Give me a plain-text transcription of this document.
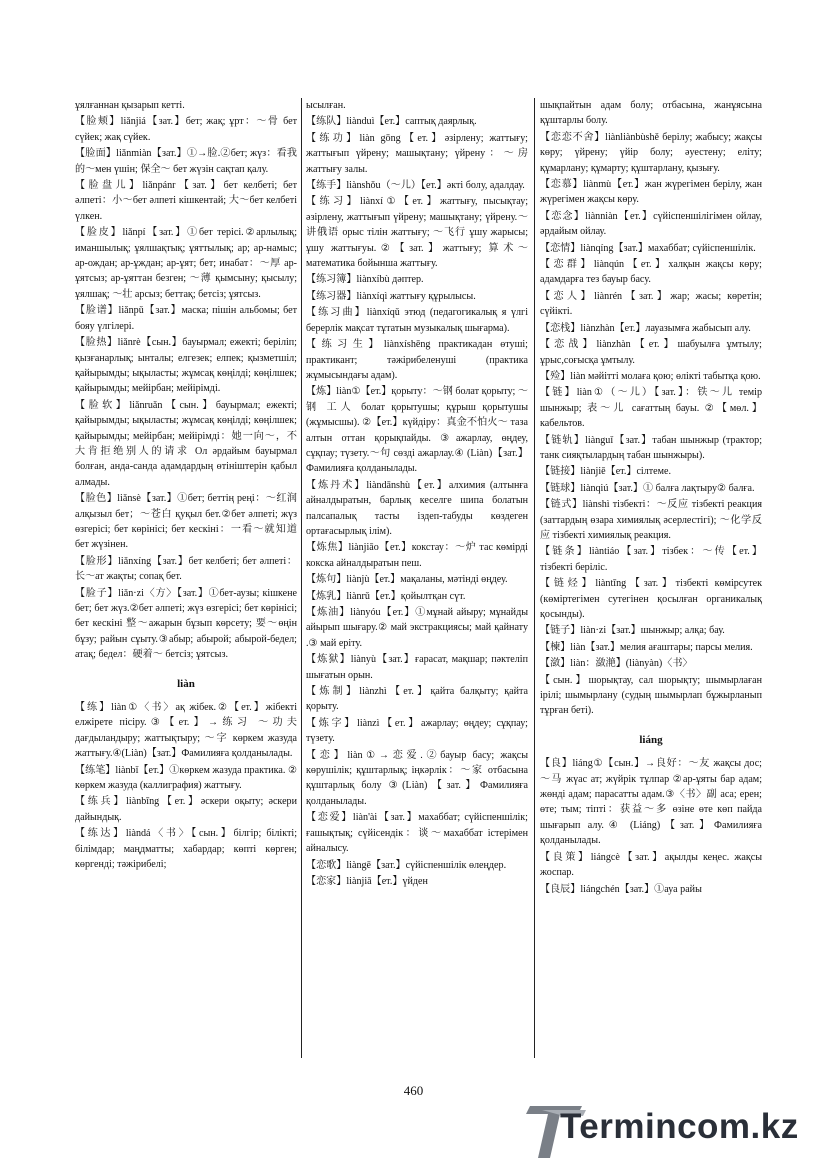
ұялғаннан қызарып кетті.
【脸颊】liǎnjiá【зат.】бет; жақ; ұрт：～骨 бет сүйек; жақ сүйек.
【脸面】liǎnmiàn【зат.】①→脸.②бет; жүз：看我的～мен үшін; 保全～ бет жүзін сақтап қалу.
【脸盘儿】liǎnpánr【зат.】бет келбеті; бет әлпеті：小～бет әлпеті кішкентай; 大～бет келбеті үлкен.
【脸皮】liǎnpí【зат.】①бет терісі.②арлылық; иманшылық; ұялшақтық; ұяттылық; ар; ар-намыс; ар-ождан; ар-ұждан; ар-ұят; бет; инабат：～厚 ар-ұятсыз; ар-ұяттан безген; ～薄 қымсыну; қысылу; ұялшақ; ～壮 арсыз; беттақ; бетсіз; ұятсыз.
【脸谱】liǎnpǔ【зат.】маска; пішін альбомы; бет бояу үлгілері.
【脸热】liǎnrè【сын.】бауырмал; ежекті; беріліп; қызғанарлық; ынталы; елгезек; елпек; қызметшіл; қайырымды; ықыласты; жұмсақ көңілді; көңілшек; қайырымды; мейірбан; мейірімді.
【脸软】liǎnruǎn【сын.】бауырмал; ежекті; қайырымды; ықыласты; жұмсақ көңілді; көңілшек; қайырымды; мейірбан; мейірімді：她一向～，不大肯拒绝别人的请求 Ол әрдайым бауырмал болған, анда-санда адамдардың өтініштерін қабыл алмады.
【脸色】liǎnsè【зат.】①бет; беттің реңі：～红润 алқызыл бет；～苍白 қуқыл бет.②бет әлпеті; жүз өзгерісі; бет көрінісі; бет кескіні：一看～就知道 бет жүзінен.
【脸形】liǎnxíng【зат.】бет келбеті; бет әлпеті：长～ат жақты; сопақ бет.
【脸子】liǎn·zi〈方〉【зат.】①бет-аузы; кішкене бет; бет жүз.②бет әлпеті; жүз өзгерісі; бет көрінісі; бет кескіні 整～ажарын бұзып көрсету; 要～өңін бұзу; райын сұыту.③абыр; абырой; абырой-бедел; атақ; бедел：硬着～ бетсіз; ұятсыз.
liàn
【练】liàn①〈书〉ақ жібек.②【ет.】жібекті елжірете пісіру.③【ет.】→练习 ～功夫 дағдыландыру; жаттықтыру; ～字 көркем жазуда жаттығу.④(Liàn)【зат.】Фамилияға қолданылады.
【练笔】liànbǐ【ет.】①көркем жазуда практика. ② көркем жазуда (каллиграфия) жаттығу.
【练兵】liànbīng【ет.】әскери оқыту; әскери дайындық.
【练达】liàndá〈书〉【сын.】білгір; білікті; білімдар; маңдматты; хабардар; көпті көрген; көргенді; тәжірибелі;
ысылған.
【练队】liànduì【ет.】саптық даярлық.
【练功】liàn gōng【ет.】әзірлену; жаттығу; жаттығып үйрену; машықтану; үйрену：～房 жаттығу залы.
【练手】liànshǒu（～儿）【ет.】әкті болу, адалдау.
【练习】liànxí①【ет.】жаттығу, пысықтау; әзірлену, жаттығып үйрену; машықтану; үйрену.～ 讲俄语 орыс тілін жаттығу; ～飞行 ұшу жарысы; ұшу жаттығуы.②【зат.】жаттығу; 算术～математика бойынша жаттығу.
【练习簿】liànxíbù дәптер.
【练习器】liànxíqì жаттығу құрылысы.
【练习曲】liànxíqǔ этюд (педагогикалық я үлгі берерлік мақсат тұтатын музыкалық шығарма).
【练习生】liànxíshēng практикадан өтуші; практикант; тәжірибеленуші (практика жұмысындағы адам).
【炼】liàn①【ет.】қорыту：～钢 болат қорыту; ～钢 工人 болат қорытушы; құрыш қорытушы (жұмысшы). ②【ет.】күйдіру：真金不怕火～ таза алтын оттан қорықпайды. ③ажарлау, өңдеу, сұқпау; түзету.～句 сөзді ажарлау.④ (Liàn)【зат.】Фамилияға қолданылады.
【炼丹术】liàndānshù【ет.】алхимия (алтынға айналдыратын, барлық кеселге шипа болатын палсапалық тасты іздеп-табуды көздеген ортағасырлық ілім).
【炼焦】liànjiāo【ет.】кокстау：～炉 тас көмірді кокска айналдыратын пеш.
【炼句】liànjù【ет.】мақаланы, мәтінді өңдеу.
【炼乳】liànrǔ【ет.】қойылтқан сүт.
【炼油】liànyóu【ет.】①мұнай айыру; мұнайды айырып шығару.② май экстракциясы; май қайнату .③ май еріту.
【炼狱】liànyù【зат.】ғарасат, мақшар; пәктеліп шығатын орын.
【炼制】liànzhì【ет.】қайта балқыту; қайта қорыту.
【炼字】liànzì【ет.】ажарлау; өңдеу; сұқпау; түзету.
【恋】liàn①→恋爱.②бауыр басу; жақсы көрушілік; құштарлық; іңкәрлік：～家 отбасына құштарлық болу ③(Liàn)【зат.】Фамилияға қолданылады.
【恋爱】liàn'ài【зат.】махаббат; сүйіспеншілік; ғашықтық; сүйісендік：谈～махаббат істерімен айналысу.
【恋歌】liàngē【зат.】сүйіспеншілік өлеңдер.
【恋家】liànjiā【ет.】үйден
шықпайтын адам болу; отбасына, жанұясына құштарлы болу.
【恋恋不舍】liànliànbùshě берілу; жабысу; жақсы көру; үйрену; үйір болу; әуестену; еліту; құмарлану; құмарту; құштарлану, қызығу.
【恋慕】liànmù【ет.】жан жүрегімен берілу, жан жүрегімен жақсы көру.
【恋念】liànniàn【ет.】сүйіспеншілігімен ойлау, әрдайым ойлау.
【恋情】liànqíng【зат.】махаббат; сүйіспеншілік.
【恋群】liànqún【ет.】халқын жақсы көру; адамдарға тез бауыр басу.
【恋人】liànrén【зат.】жар; жасы; көретін; сүйікті.
【恋栈】liànzhàn【ет.】лауазымға жабысып алу.
【恋战】liànzhàn【ет.】шабуылға ұмтылу; ұрыс,соғысқа ұмтылу.
【殓】liàn мәйітті молаға қою; өлікті табытқа қою.
【链】liàn①（～儿）【зат.】：铁～儿 темір шынжыр; 表～儿 сағаттың бауы. ②【мөл.】кабельтов.
【链轨】liànguǐ【зат.】табан шынжыр (трактор; танк сияқтылардың табан шынжыры).
【链接】liànjiē【ет.】сілтеме.
【链球】liànqiú【зат.】① балға лақтыру② балға.
【链式】liànshì тізбекті：～反应 тізбекті реакция (заттардың өзара химиялық әсерлестігі); ～化学反应 тізбекті химиялық реакция.
【链条】liàntiáo【зат.】тізбек：～传【ет.】тізбекті беріліс.
【链烃】liàntīng【зат.】тізбекті көмірсутек (көміртегімен сутегінен қосылған органикалық қосынды).
【链子】liàn·zi【зат.】шынжыр; алқа; бау.
【楝】liàn【зат.】мелия ағаштары; парсы мелия.
【潋】liàn：潋滟】(liànyàn)〈书〉
【сын.】шорықтау, сал шорықту; шымырлаған ірілі; шымырлану (судың шымырлап бұжырланып тұрған беті).
liáng
【良】liáng①【сын.】→良好：～友 жақсы дос; ～马 жүас ат; жүйрік тұлпар ②ар-ұяты бар адам; жөнді адам; парасатты адам.③〈书〉副 аса; ерен; өте; тым; тіпті：获益～多 өзіне өте көп пайда шығарып алу.④ (Liáng)【зат.】Фамилияға қолданылады.
【良策】liángcè【зат.】ақылды кеңес. жақсы жоспар.
【良辰】liángchén【зат.】①ауа райы
460
Termincom.kz
